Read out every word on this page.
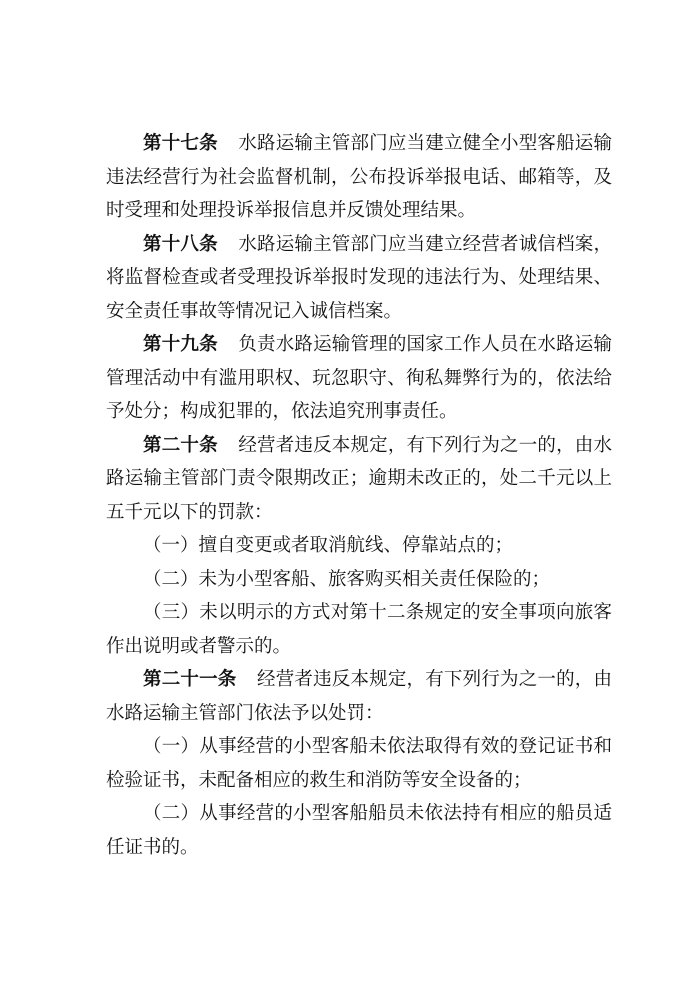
第十七条 水路运输主管部门应当建立健全小型客船运输违法经营行为社会监督机制，公布投诉举报电话、邮箱等，及时受理和处理投诉举报信息并反馈处理结果。

第十八条 水路运输主管部门应当建立经营者诚信档案，将监督检查或者受理投诉举报时发现的违法行为、处理结果、安全责任事故等情况记入诚信档案。

第十九条 负责水路运输管理的国家工作人员在水路运输管理活动中有滥用职权、玩忽职守、徇私舞弊行为的，依法给予处分；构成犯罪的，依法追究刑事责任。

第二十条 经营者违反本规定，有下列行为之一的，由水路运输主管部门责令限期改正；逾期未改正的，处二千元以上五千元以下的罚款：

（一）擅自变更或者取消航线、停靠站点的；

（二）未为小型客船、旅客购买相关责任保险的；

（三）未以明示的方式对第十二条规定的安全事项向旅客作出说明或者警示的。

第二十一条 经营者违反本规定，有下列行为之一的，由水路运输主管部门依法予以处罚：

（一）从事经营的小型客船未依法取得有效的登记证书和检验证书，未配备相应的救生和消防等安全设备的；

（二）从事经营的小型客船船员未依法持有相应的船员适任证书的。
